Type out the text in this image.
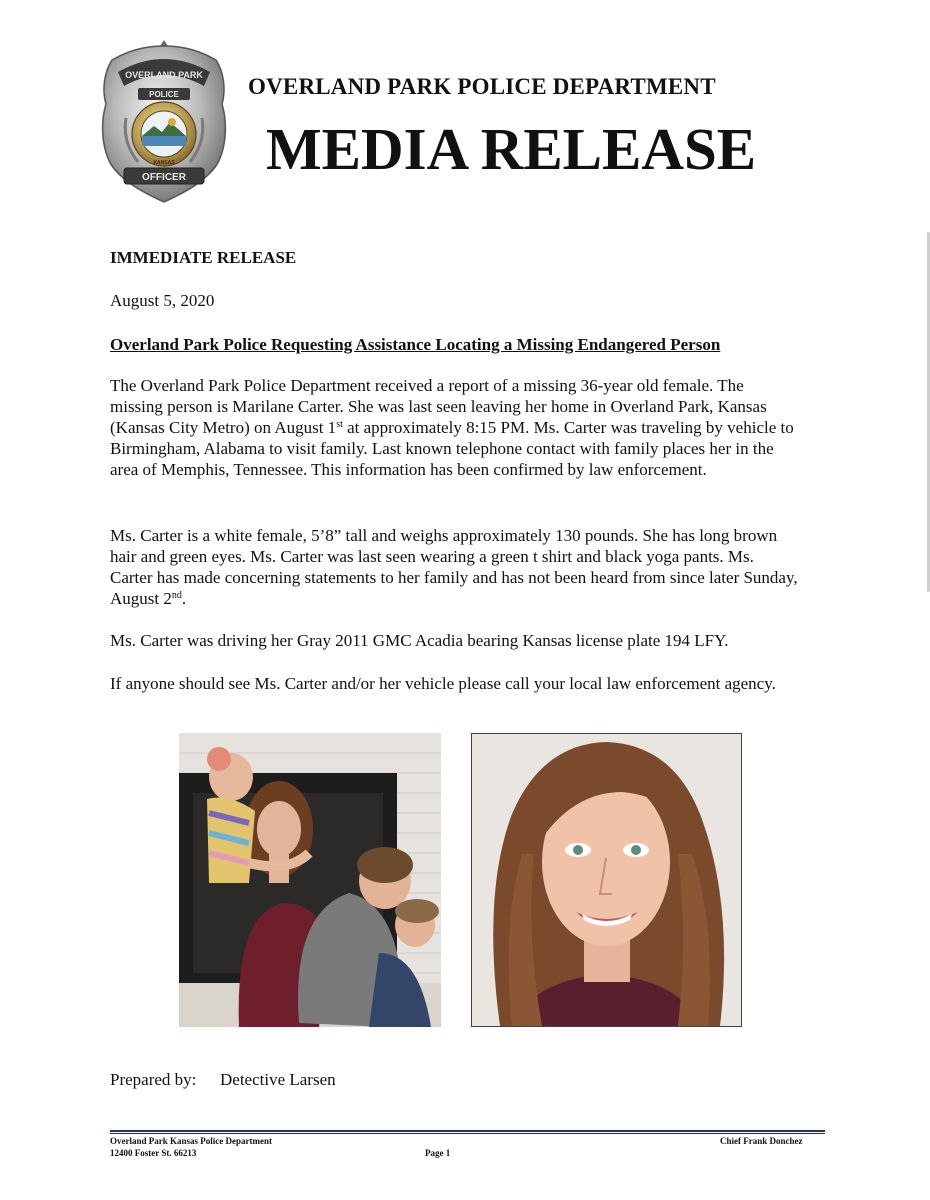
OVERLAND PARK
POLICE
KANSAS
OFFICER
OVERLAND PARK POLICE DEPARTMENT
MEDIA RELEASE
IMMEDIATE RELEASE
August 5, 2020
Overland Park Police Requesting Assistance Locating a Missing Endangered Person
The Overland Park Police Department received a report of a missing 36-year old female. The missing person is Marilane Carter. She was last seen leaving her home in Overland Park, Kansas (Kansas City Metro) on August 1st at approximately 8:15 PM. Ms. Carter was traveling by vehicle to Birmingham, Alabama to visit family. Last known telephone contact with family places her in the area of Memphis, Tennessee. This information has been confirmed by law enforcement.
Ms. Carter is a white female, 5’8” tall and weighs approximately 130 pounds. She has long brown hair and green eyes. Ms. Carter was last seen wearing a green t shirt and black yoga pants. Ms. Carter has made concerning statements to her family and has not been heard from since later Sunday, August 2nd.
Ms. Carter was driving her Gray 2011 GMC Acadia bearing Kansas license plate 194 LFY.
If anyone should see Ms. Carter and/or her vehicle please call your local law enforcement agency.
Prepared by: Detective Larsen
Overland Park Kansas Police Department
12400 Foster St. 66213	Page 1
Chief Frank Donchez
